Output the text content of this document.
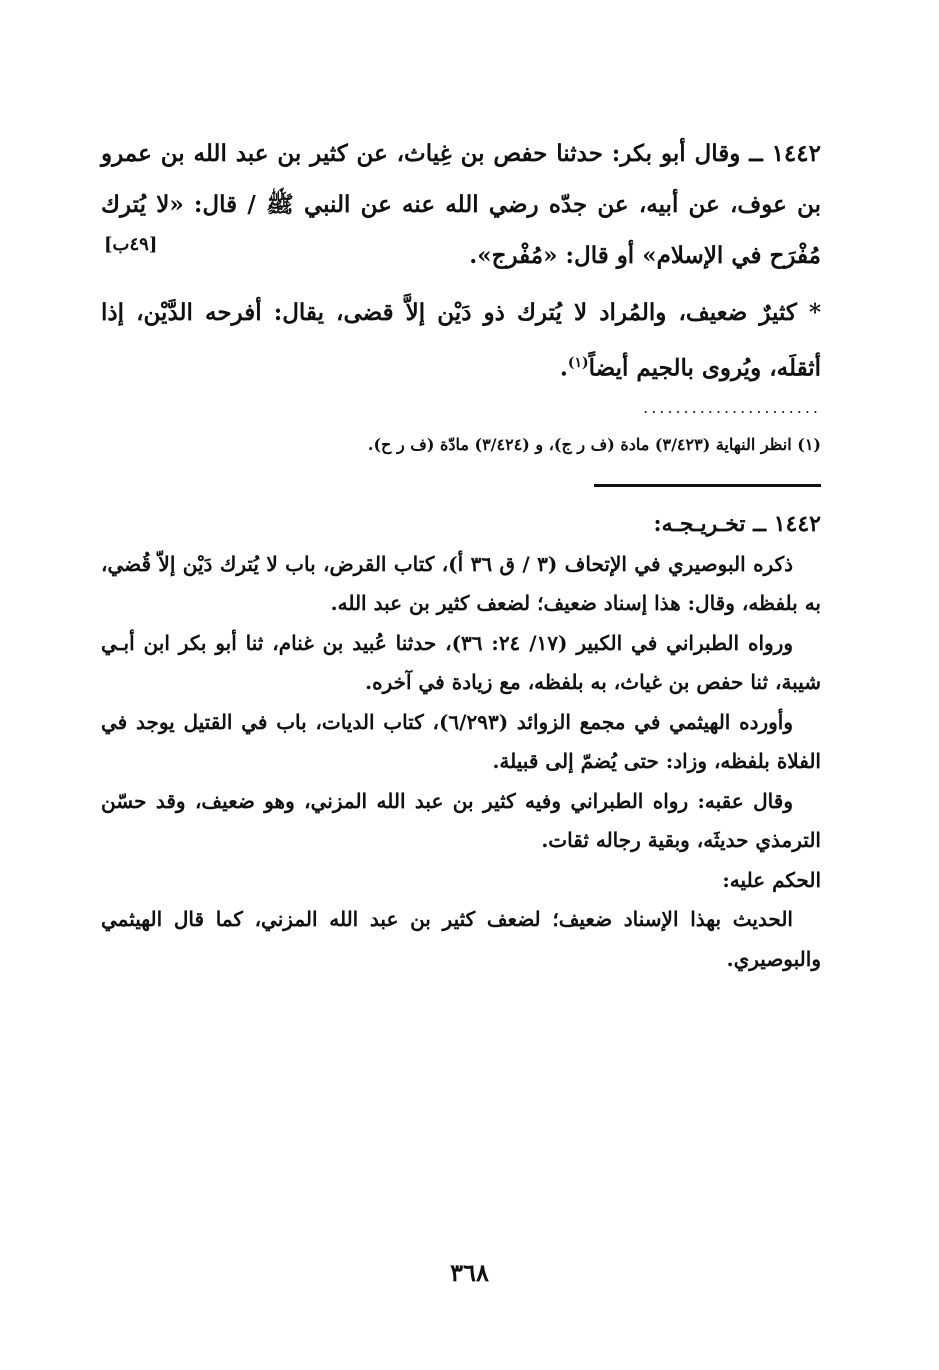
١٤٤٢ ــ وقال أبو بكر: حدثنا حفص بن غِياث، عن كثير بن عبد الله بن عمرو بن عوف، عن أبيه، عن جدّه رضي الله عنه عن النبي ﷺ / قال: «لا يُترك مُفْرَح في الإسلام» أو قال: «مُفْرج».

* كثيرٌ ضعيف، والمُراد لا يُترك ذو دَيْن إلاَّ قضى، يقال: أفرحه الدَّيْن، إذا أثقلَه، ويُروى بالجيم أيضاً$^{(١)}$.

[٤٩ب]
......................
(١) انظر النهاية (٣/٤٢٣) مادة (ف ر ج)، و (٣/٤٢٤) مادّة (ف ر ح).

١٤٤٢ ــ تخـريـجـه:

ذكره البوصيري في الإتحاف (٣ / ق ٣٦ أ)، كتاب القرض، باب لا يُترك دَيْن إلاّ قُضي، به بلفظه، وقال: هذا إسناد ضعيف؛ لضعف كثير بن عبد الله.

ورواه الطبراني في الكبير (١٧/ ٢٤: ٣٦)، حدثنا عُبيد بن غنام، ثنا أبو بكر ابن أبـي شيبة، ثنا حفص بن غياث، به بلفظه، مع زيادة في آخره.

وأورده الهيثمي في مجمع الزوائد (٦/٢٩٣)، كتاب الديات، باب في القتيل يوجد في الفلاة بلفظه، وزاد: حتى يُضمّ إلى قبيلة.

وقال عقبه: رواه الطبراني وفيه كثير بن عبد الله المزني، وهو ضعيف، وقد حسّن الترمذي حديثَه، وبقية رجاله ثقات.

الحكم عليه:

الحديث بهذا الإسناد ضعيف؛ لضعف كثير بن عبد الله المزني، كما قال الهيثمي والبوصيري.

٣٦٨
